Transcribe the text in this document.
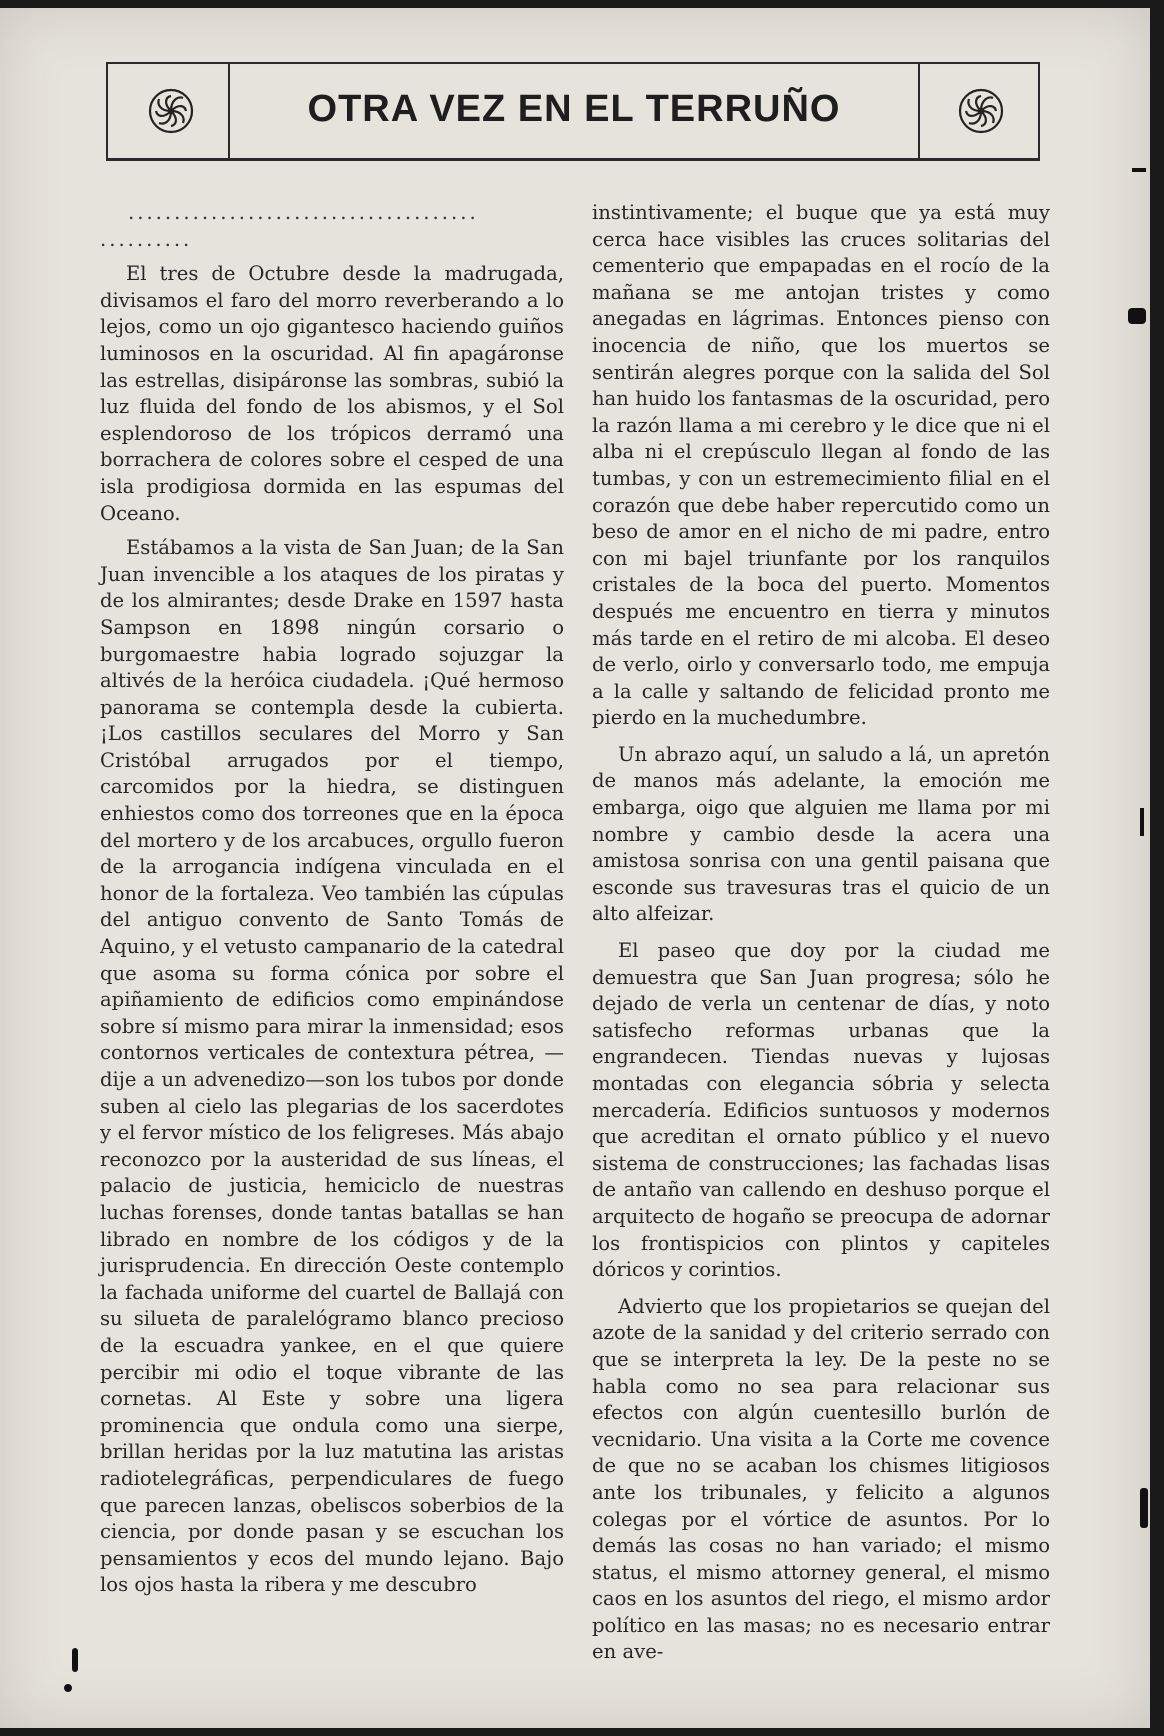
OTRA VEZ EN EL TERRUÑO
......................................
..........

El tres de Octubre desde la madrugada, divisamos el faro del morro reverberando a lo lejos, como un ojo gigantesco haciendo guiños luminosos en la oscuridad. Al fin apagáronse las estrellas, disipáronse las sombras, subió la luz fluida del fondo de los abismos, y el Sol esplendoroso de los trópicos derramó una borrachera de colores sobre el cesped de una isla prodigiosa dormida en las espumas del Oceano.

Estábamos a la vista de San Juan; de la San Juan invencible a los ataques de los piratas y de los almirantes; desde Drake en 1597 hasta Sampson en 1898 ningún corsario o burgomaestre habia logrado sojuzgar la altivés de la heróica ciudadela. ¡Qué hermoso panorama se contempla desde la cubierta. ¡Los castillos seculares del Morro y San Cristóbal arrugados por el tiempo, carcomidos por la hiedra, se distinguen enhiestos como dos torreones que en la época del mortero y de los arcabuces, orgullo fueron de la arrogancia indígena vinculada en el honor de la fortaleza. Veo también las cúpulas del antiguo convento de Santo Tomás de Aquino, y el vetusto campanario de la catedral que asoma su forma cónica por sobre el apiñamiento de edificios como empinándose sobre sí mismo para mirar la inmensidad; esos contornos verticales de contextura pétrea, —dije a un advenedizo—son los tubos por donde suben al cielo las plegarias de los sacerdotes y el fervor místico de los feligreses. Más abajo reconozco por la austeridad de sus líneas, el palacio de justicia, hemiciclo de nuestras luchas forenses, donde tantas batallas se han librado en nombre de los códigos y de la jurisprudencia. En dirección Oeste contemplo la fachada uniforme del cuartel de Ballajá con su silueta de paralelógramo blanco precioso de la escuadra yankee, en el que quiere percibir mi odio el toque vibrante de las cornetas. Al Este y sobre una ligera prominencia que ondula como una sierpe, brillan heridas por la luz matutina las aristas radiotelegráficas, perpendiculares de fuego que parecen lanzas, obeliscos soberbios de la ciencia, por donde pasan y se escuchan los pensamientos y ecos del mundo lejano. Bajo los ojos hasta la ribera y me descubro

instintivamente; el buque que ya está muy cerca hace visibles las cruces solitarias del cementerio que empapadas en el rocío de la mañana se me antojan tristes y como anegadas en lágrimas. Entonces pienso con inocencia de niño, que los muertos se sentirán alegres porque con la salida del Sol han huido los fantasmas de la oscuridad, pero la razón llama a mi cerebro y le dice que ni el alba ni el crepúsculo llegan al fondo de las tumbas, y con un estremecimiento filial en el corazón que debe haber repercutido como un beso de amor en el nicho de mi padre, entro con mi bajel triunfante por los ranquilos cristales de la boca del puerto. Momentos después me encuentro en tierra y minutos más tarde en el retiro de mi alcoba. El deseo de verlo, oirlo y conversarlo todo, me empuja a la calle y saltando de felicidad pronto me pierdo en la muchedumbre.

Un abrazo aquí, un saludo a lá, un apretón de manos más adelante, la emoción me embarga, oigo que alguien me llama por mi nombre y cambio desde la acera una amistosa sonrisa con una gentil paisana que esconde sus travesuras tras el quicio de un alto alfeizar.

El paseo que doy por la ciudad me demuestra que San Juan progresa; sólo he dejado de verla un centenar de días, y noto satisfecho reformas urbanas que la engrandecen. Tiendas nuevas y lujosas montadas con elegancia sóbria y selecta mercadería. Edificios suntuosos y modernos que acreditan el ornato público y el nuevo sistema de construcciones; las fachadas lisas de antaño van callendo en deshuso porque el arquitecto de hogaño se preocupa de adornar los frontispicios con plintos y capiteles dóricos y corintios.

Advierto que los propietarios se quejan del azote de la sanidad y del criterio serrado con que se interpreta la ley. De la peste no se habla como no sea para relacionar sus efectos con algún cuentesillo burlón de vecnidario. Una visita a la Corte me covence de que no se acaban los chismes litigiosos ante los tribunales, y felicito a algunos colegas por el vórtice de asuntos. Por lo demás las cosas no han variado; el mismo status, el mismo attorney general, el mismo caos en los asuntos del riego, el mismo ardor político en las masas; no es necesario entrar en ave-
